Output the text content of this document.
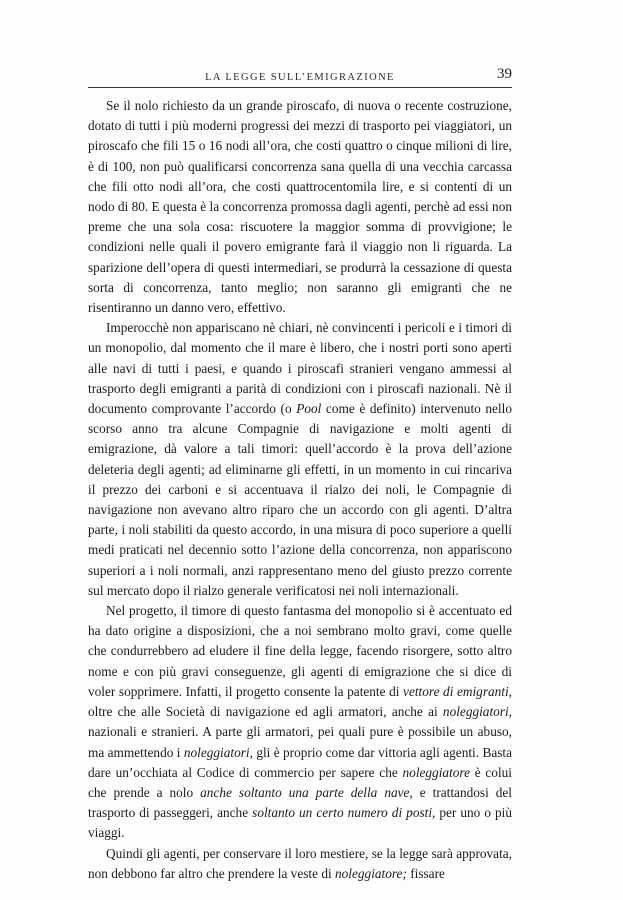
LA LEGGE SULL’EMIGRAZIONE	39

Se il nolo richiesto da un grande piroscafo, di nuova o recente costruzione, dotato di tutti i più moderni progressi dei mezzi di trasporto pei viaggiatori, un piroscafo che fili 15 o 16 nodi all’ora, che costi quattro o cinque milioni di lire, è di 100, non può qualificarsi concorrenza sana quella di una vecchia carcassa che fili otto nodi all’ora, che costi quattrocentomila lire, e si contenti di un nodo di 80. E questa è la concorrenza promossa dagli agenti, perchè ad essi non preme che una sola cosa: riscuotere la maggior somma di provvigione; le condizioni nelle quali il povero emigrante farà il viaggio non li riguarda. La sparizione dell’opera di questi intermediari, se produrrà la cessazione di questa sorta di concorrenza, tanto meglio; non saranno gli emigranti che ne risentiranno un danno vero, effettivo.

Imperocchè non appariscano nè chiari, nè convincenti i pericoli e i timori di un monopolio, dal momento che il mare è libero, che i nostri porti sono aperti alle navi di tutti i paesi, e quando i piroscafi stranieri vengano ammessi al trasporto degli emigranti a parità di condizioni con i piroscafi nazionali. Nè il documento comprovante l’accordo (o Pool come è definito) intervenuto nello scorso anno tra alcune Compagnie di navigazione e molti agenti di emigrazione, dà valore a tali timori: quell’accordo è la prova dell’azione deleteria degli agenti; ad eliminarne gli effetti, in un momento in cui rincariva il prezzo dei carboni e si accentuava il rialzo dei noli, le Compagnie di navigazione non avevano altro riparo che un accordo con gli agenti. D’altra parte, i noli stabiliti da questo accordo, in una misura di poco superiore a quelli medi praticati nel decennio sotto l’azione della concorrenza, non appariscono superiori a i noli normali, anzi rappresentano meno del giusto prezzo corrente sul mercato dopo il rialzo generale verificatosi nei noli internazionali.

Nel progetto, il timore di questo fantasma del monopolio si è accentuato ed ha dato origine a disposizioni, che a noi sembrano molto gravi, come quelle che condurrebbero ad eludere il fine della legge, facendo risorgere, sotto altro nome e con più gravi conseguenze, gli agenti di emigrazione che si dice di voler sopprimere. Infatti, il progetto consente la patente di vettore di emigranti, oltre che alle Società di navigazione ed agli armatori, anche ai noleggiatori, nazionali e stranieri. A parte gli armatori, pei quali pure è possibile un abuso, ma ammettendo i noleggiatori, gli è proprio come dar vittoria agli agenti. Basta dare un’occhiata al Codice di commercio per sapere che noleggiatore è colui che prende a nolo anche soltanto una parte della nave, e trattandosi del trasporto di passeggeri, anche soltanto un certo numero di posti, per uno o più viaggi.

Quindi gli agenti, per conservare il loro mestiere, se la legge sarà approvata, non debbono far altro che prendere la veste di noleggiatore; fissare
